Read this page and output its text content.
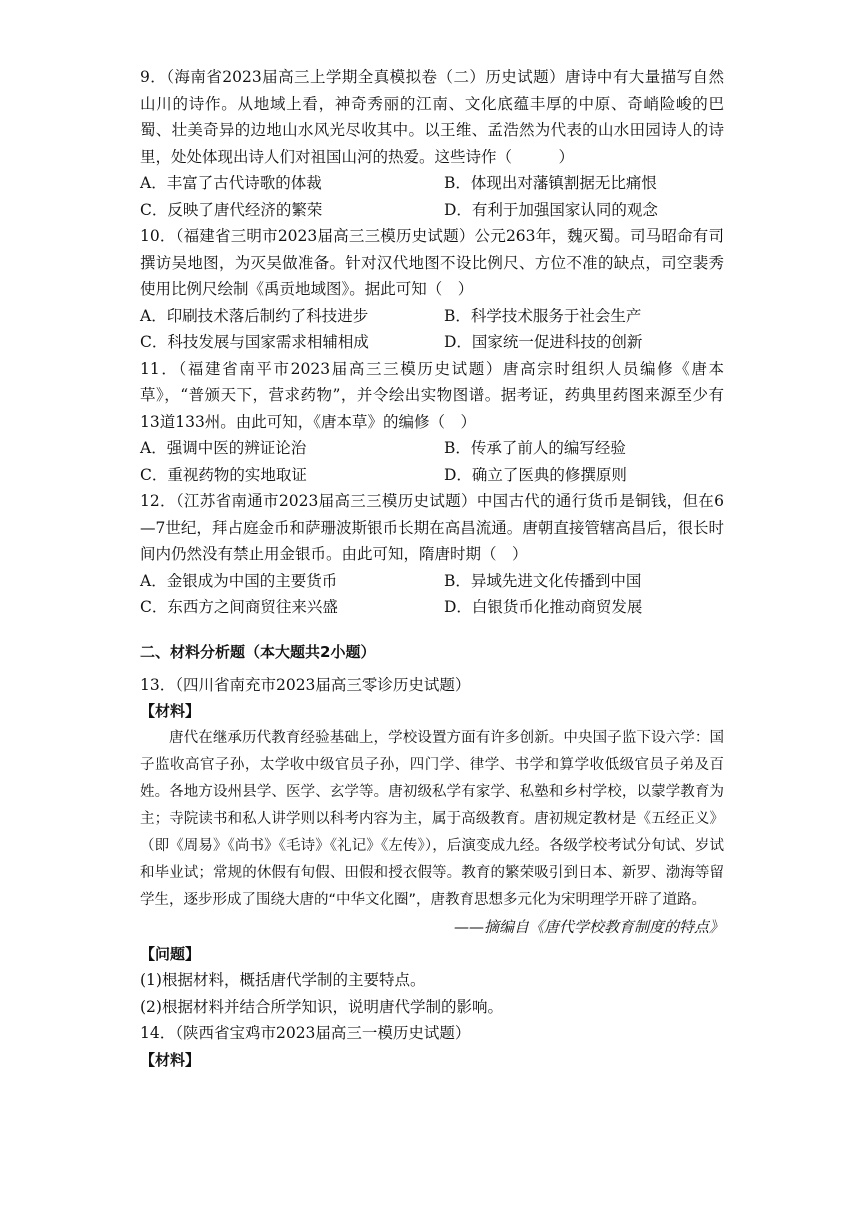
9．（海南省2023届高三上学期全真模拟卷（二）历史试题）唐诗中有大量描写自然山川的诗作。从地域上看，神奇秀丽的江南、文化底蕴丰厚的中原、奇峭险峻的巴蜀、壮美奇异的边地山水风光尽收其中。以王维、孟浩然为代表的山水田园诗人的诗里，处处体现出诗人们对祖国山河的热爱。这些诗作（　　　）

A．丰富了古代诗歌的体裁	B．体现出对藩镇割据无比痛恨
C．反映了唐代经济的繁荣	D．有利于加强国家认同的观念

10．（福建省三明市2023届高三三模历史试题）公元263年，魏灭蜀。司马昭命有司撰访吴地图，为灭吴做准备。针对汉代地图不设比例尺、方位不准的缺点，司空裴秀使用比例尺绘制《禹贡地域图》。据此可知（　）

A．印刷技术落后制约了科技进步	B．科学技术服务于社会生产
C．科技发展与国家需求相辅相成	D．国家统一促进科技的创新

11．（福建省南平市2023届高三三模历史试题）唐高宗时组织人员编修《唐本草》，“普颁天下，营求药物”，并令绘出实物图谱。据考证，药典里药图来源至少有13道133州。由此可知，《唐本草》的编修（　）

A．强调中医的辨证论治	B．传承了前人的编写经验
C．重视药物的实地取证	D．确立了医典的修撰原则

12．（江苏省南通市2023届高三三模历史试题）中国古代的通行货币是铜钱，但在6—7世纪，拜占庭金币和萨珊波斯银币长期在高昌流通。唐朝直接管辖高昌后，很长时间内仍然没有禁止用金银币。由此可知，隋唐时期（　）

A．金银成为中国的主要货币	B．异域先进文化传播到中国
C．东西方之间商贸往来兴盛	D．白银货币化推动商贸发展
二、材料分析题（本大题共2小题）

13．（四川省南充市2023届高三零诊历史试题）

【材料】

唐代在继承历代教育经验基础上，学校设置方面有许多创新。中央国子监下设六学：国子监收高官子孙，太学收中级官员子孙，四门学、律学、书学和算学收低级官员子弟及百姓。各地方设州县学、医学、玄学等。唐初级私学有家学、私塾和乡村学校，以蒙学教育为主；寺院读书和私人讲学则以科考内容为主，属于高级教育。唐初规定教材是《五经正义》（即《周易》《尚书》《毛诗》《礼记》《左传》），后演变成九经。各级学校考试分旬试、岁试和毕业试；常规的休假有旬假、田假和授衣假等。教育的繁荣吸引到日本、新罗、渤海等留学生，逐步形成了围绕大唐的“中华文化圈”，唐教育思想多元化为宋明理学开辟了道路。

——摘编自《唐代学校教育制度的特点》

【问题】

(1)根据材料，概括唐代学制的主要特点。

(2)根据材料并结合所学知识，说明唐代学制的影响。

14．（陕西省宝鸡市2023届高三一模历史试题）

【材料】
